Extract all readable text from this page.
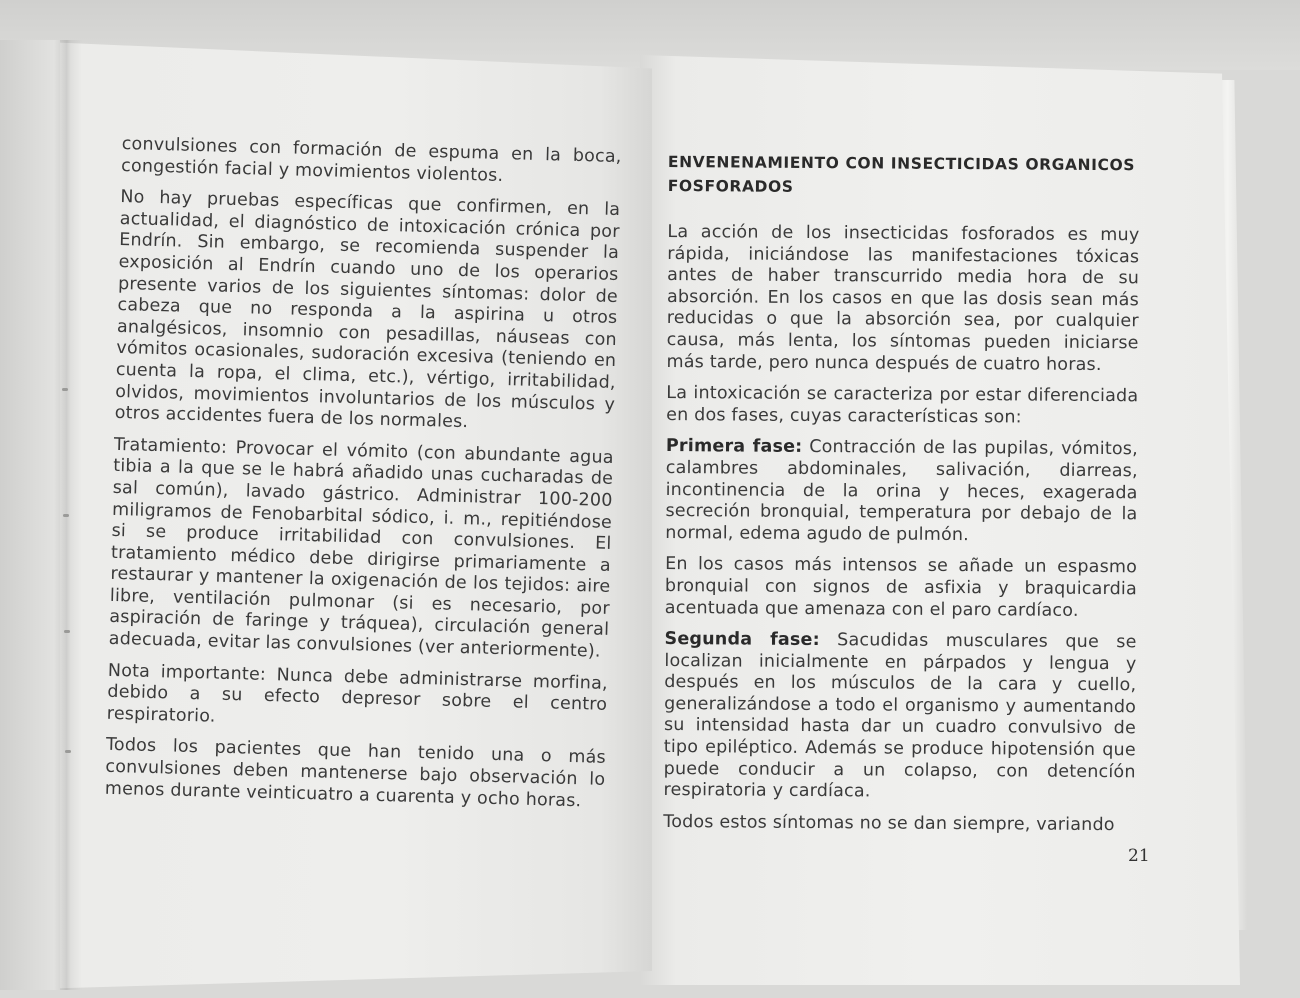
convulsiones con formación de espuma en la boca, congestión facial y movimientos violentos.

No hay pruebas específicas que confirmen, en la actualidad, el diagnóstico de intoxicación crónica por Endrín. Sin embargo, se recomienda suspender la exposición al Endrín cuando uno de los operarios presente varios de los siguientes síntomas: dolor de cabeza que no responda a la aspirina u otros analgésicos, insomnio con pesadillas, náuseas con vómitos ocasionales, sudoración excesiva (teniendo en cuenta la ropa, el clima, etc.), vértigo, irritabilidad, olvidos, movimientos involuntarios de los músculos y otros accidentes fuera de los normales.

Tratamiento: Provocar el vómito (con abundante agua tibia a la que se le habrá añadido unas cucharadas de sal común), lavado gástrico. Administrar 100-200 miligramos de Fenobarbital sódico, i. m., repitiéndose si se produce irritabilidad con convulsiones. El tratamiento médico debe dirigirse primariamente a restaurar y mantener la oxigenación de los tejidos: aire libre, ventilación pulmonar (si es necesario, por aspiración de faringe y tráquea), circulación general adecuada, evitar las convulsiones (ver anteriormente).

Nota importante: Nunca debe administrarse morfina, debido a su efecto depresor sobre el centro respiratorio.

Todos los pacientes que han tenido una o más convulsiones deben mantenerse bajo observación lo menos durante veinticuatro a cuarenta y ocho horas.

ENVENENAMIENTO CON INSECTICIDAS ORGANICOS FOSFORADOS

La acción de los insecticidas fosforados es muy rápida, iniciándose las manifestaciones tóxicas antes de haber transcurrido media hora de su absorción. En los casos en que las dosis sean más reducidas o que la absorción sea, por cualquier causa, más lenta, los síntomas pueden iniciarse más tarde, pero nunca después de cuatro horas.

La intoxicación se caracteriza por estar diferenciada en dos fases, cuyas características son:

Primera fase: Contracción de las pupilas, vómitos, calambres abdominales, salivación, diarreas, incontinencia de la orina y heces, exagerada secreción bronquial, temperatura por debajo de la normal, edema agudo de pulmón.

En los casos más intensos se añade un espasmo bronquial con signos de asfixia y braquicardia acentuada que amenaza con el paro cardíaco.

Segunda fase: Sacudidas musculares que se localizan inicialmente en párpados y lengua y después en los músculos de la cara y cuello, generalizándose a todo el organismo y aumentando su intensidad hasta dar un cuadro convulsivo de tipo epiléptico. Además se produce hipotensión que puede conducir a un colapso, con detencíón respiratoria y cardíaca.

Todos estos síntomas no se dan siempre, variando

21
